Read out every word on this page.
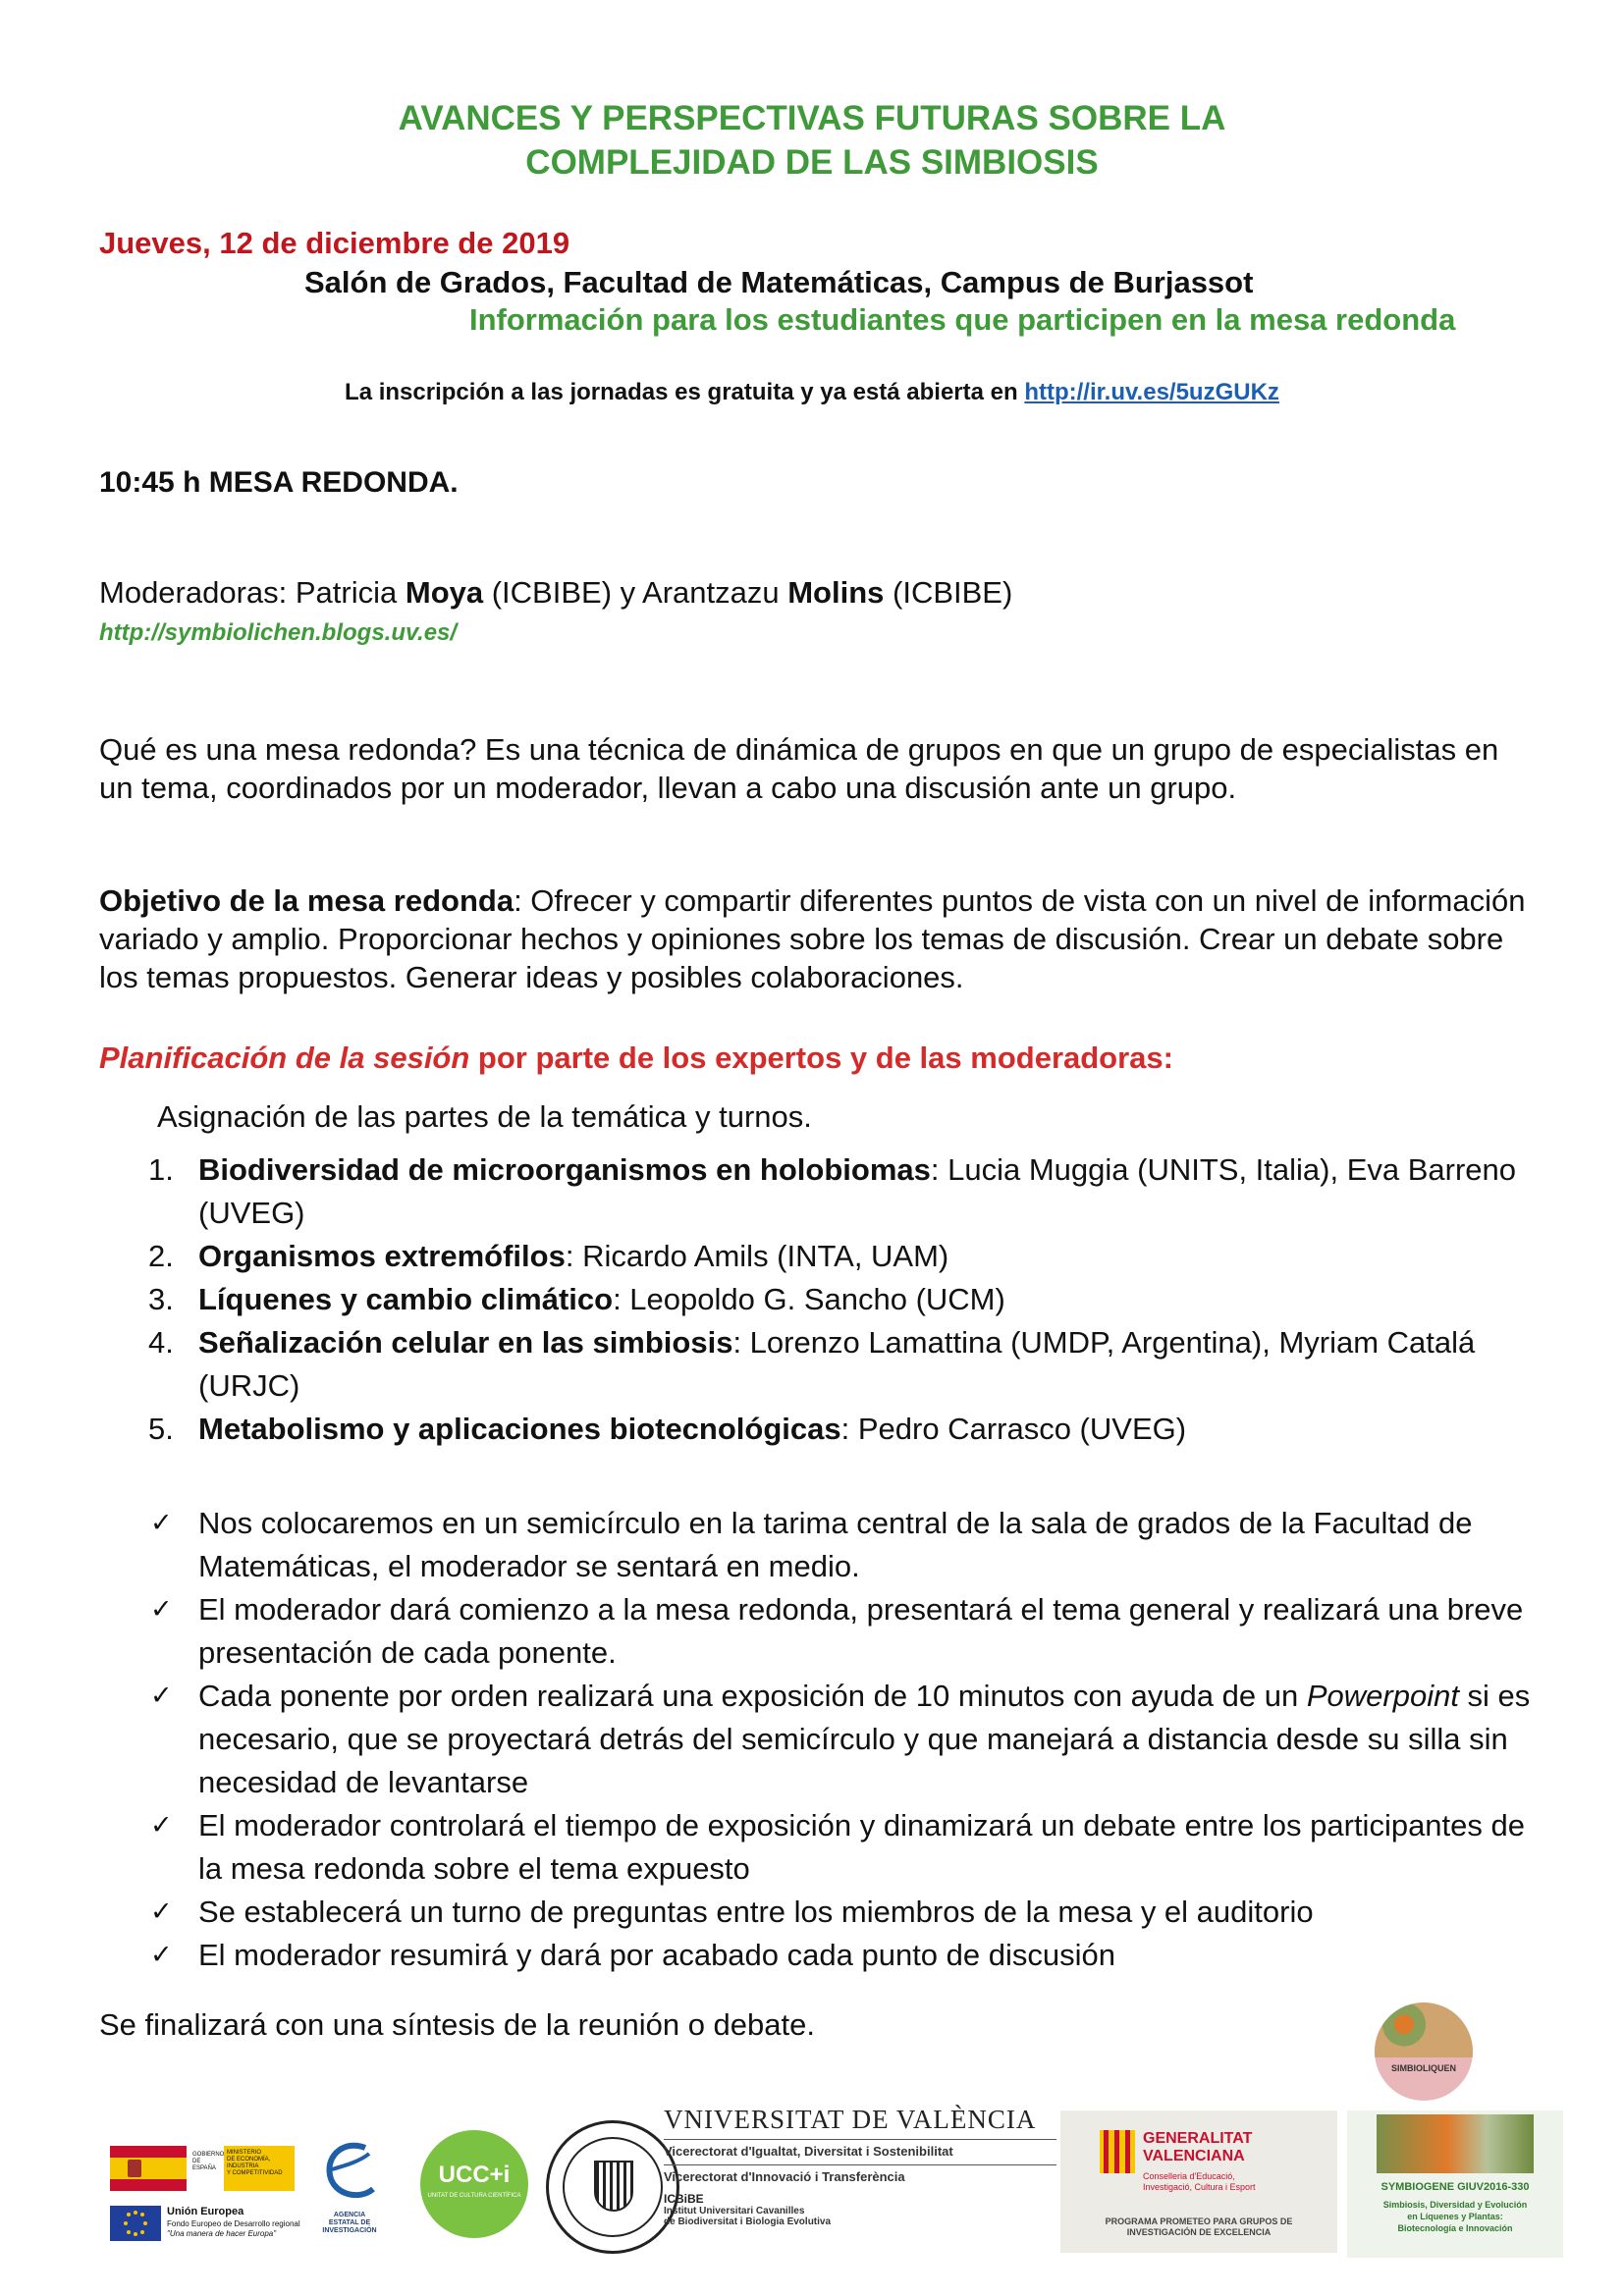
AVANCES Y PERSPECTIVAS FUTURAS SOBRE LA
COMPLEJIDAD DE LAS SIMBIOSIS
Jueves, 12 de diciembre de 2019
Salón de Grados, Facultad de Matemáticas, Campus de Burjassot
Información para los estudiantes que participen en la mesa redonda
La inscripción a las jornadas es gratuita y ya está abierta en http://ir.uv.es/5uzGUKz
10:45 h MESA REDONDA.
Moderadoras: Patricia Moya (ICBIBE) y Arantzazu Molins (ICBIBE)
http://symbiolichen.blogs.uv.es/
Qué es una mesa redonda? Es una técnica de dinámica de grupos en que un grupo de especialistas en un tema, coordinados por un moderador, llevan a cabo una discusión ante un grupo.
Objetivo de la mesa redonda: Ofrecer y compartir diferentes puntos de vista con un nivel de información variado y amplio. Proporcionar hechos y opiniones sobre los temas de discusión. Crear un debate sobre los temas propuestos. Generar ideas y posibles colaboraciones.
Planificación de la sesión por parte de los expertos y de las moderadoras:
Asignación de las partes de la temática y turnos.
1. Biodiversidad de microorganismos en holobiomas: Lucia Muggia (UNITS, Italia), Eva Barreno (UVEG)
2. Organismos extremófilos: Ricardo Amils (INTA, UAM)
3. Líquenes y cambio climático: Leopoldo G. Sancho (UCM)
4. Señalización celular en las simbiosis: Lorenzo Lamattina (UMDP, Argentina), Myriam Catalá (URJC)
5. Metabolismo y aplicaciones biotecnológicas: Pedro Carrasco (UVEG)
✓ Nos colocaremos en un semicírculo en la tarima central de la sala de grados de la Facultad de Matemáticas, el moderador se sentará en medio.
✓ El moderador dará comienzo a la mesa redonda, presentará el tema general y realizará una breve presentación de cada ponente.
✓ Cada ponente por orden realizará una exposición de 10 minutos con ayuda de un Powerpoint si es necesario, que se proyectará detrás del semicírculo y que manejará a distancia desde su silla sin necesidad de levantarse
✓ El moderador controlará el tiempo de exposición y dinamizará un debate entre los participantes de la mesa redonda sobre el tema expuesto
✓ Se establecerá un turno de preguntas entre los miembros de la mesa y el auditorio
✓ El moderador resumirá y dará por acabado cada punto de discusión
Se finalizará con una síntesis de la reunión o debate.
GOBIERNO
DE ESPAÑA
MINISTERIO
DE ECONOMÍA, INDUSTRIA
Y COMPETITIVIDAD
Unión Europea
Fondo Europeo de Desarrollo regional
"Una manera de hacer Europa"
AGENCIA
ESTATAL DE
INVESTIGACIÓN
UCC+i
UNITAT DE CULTURA CIENTÍFICA
VNIVERSITAT DE VALÈNCIA
Vicerectorat d'Igualtat, Diversitat i Sostenibilitat
Vicerectorat d'Innovació i Transferència
ICBiBE
Institut Universitari Cavanilles
de Biodiversitat i Biologia Evolutiva
GENERALITAT
VALENCIANA
Conselleria d'Educació,
Investigació, Cultura i Esport
PROGRAMA PROMETEO PARA GRUPOS DE
INVESTIGACIÓN DE EXCELENCIA
SIMBIOLIQUEN
SYMBIOGENE GIUV2016-330
Simbiosis, Diversidad y Evolución
en Líquenes y Plantas:
Biotecnología e Innovación
